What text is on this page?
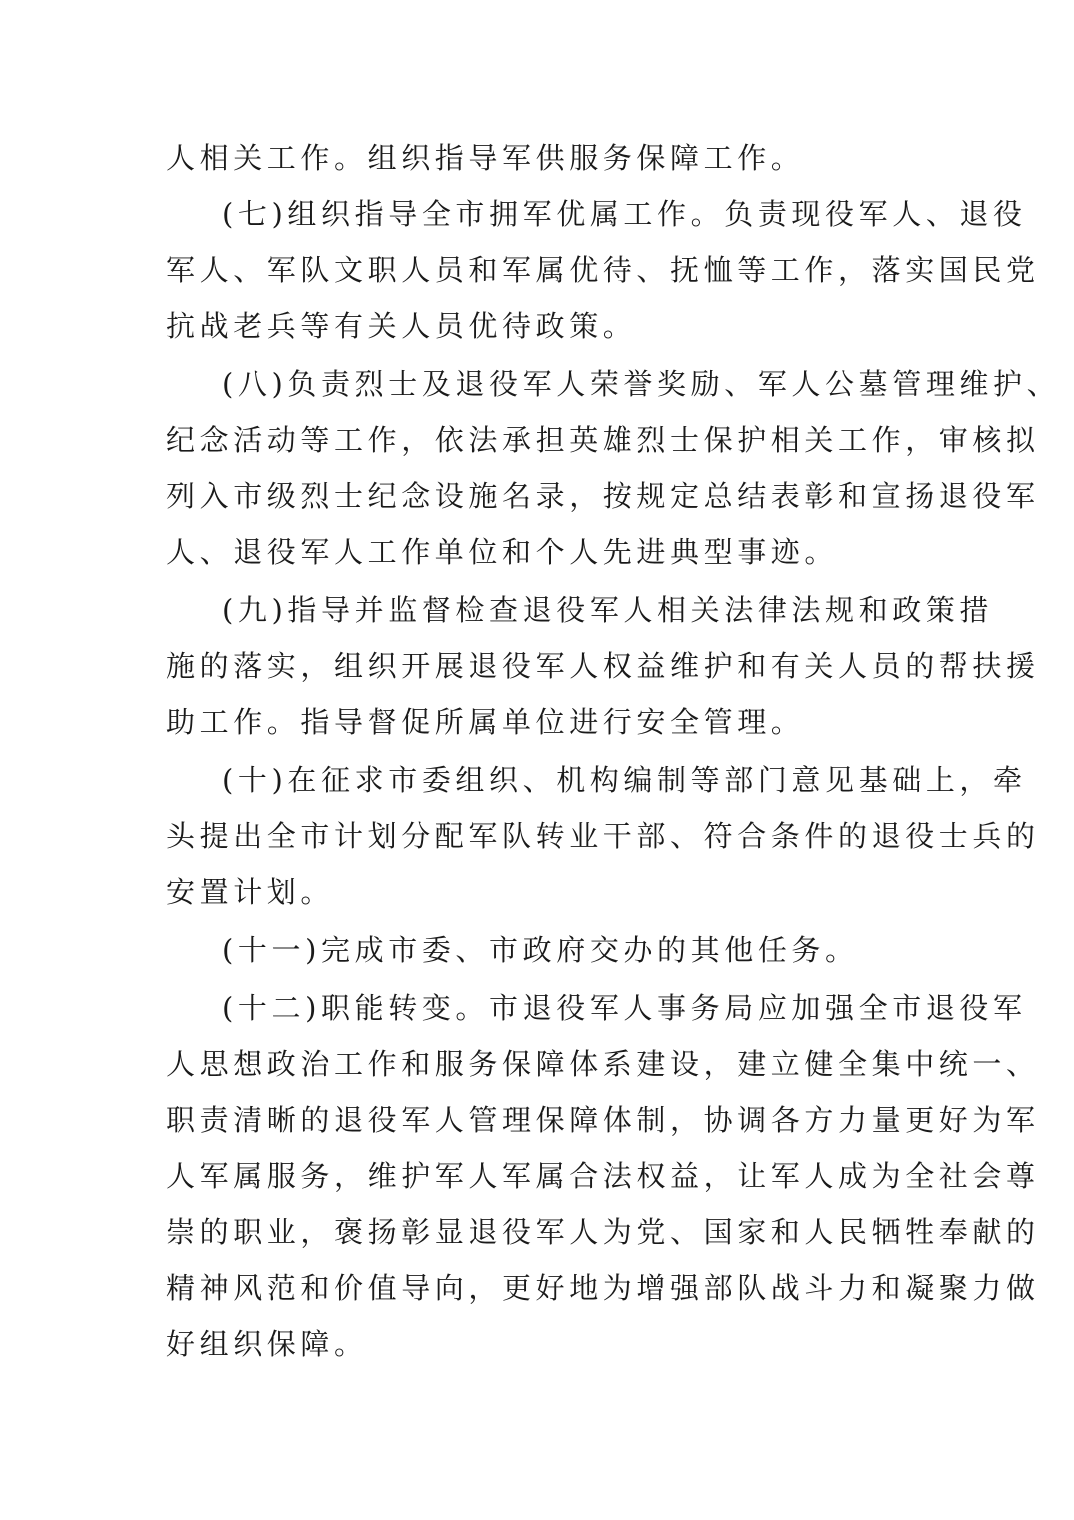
人相关工作。组织指导军供服务保障工作。
(七)组织指导全市拥军优属工作。负责现役军人、退役
军人、军队文职人员和军属优待、抚恤等工作，落实国民党
抗战老兵等有关人员优待政策。
(八)负责烈士及退役军人荣誉奖励、军人公墓管理维护、
纪念活动等工作，依法承担英雄烈士保护相关工作，审核拟
列入市级烈士纪念设施名录，按规定总结表彰和宣扬退役军
人、退役军人工作单位和个人先进典型事迹。
(九)指导并监督检查退役军人相关法律法规和政策措
施的落实，组织开展退役军人权益维护和有关人员的帮扶援
助工作。指导督促所属单位进行安全管理。
(十)在征求市委组织、机构编制等部门意见基础上，牵
头提出全市计划分配军队转业干部、符合条件的退役士兵的
安置计划。
(十一)完成市委、市政府交办的其他任务。
(十二)职能转变。市退役军人事务局应加强全市退役军
人思想政治工作和服务保障体系建设，建立健全集中统一、
职责清晰的退役军人管理保障体制，协调各方力量更好为军
人军属服务，维护军人军属合法权益，让军人成为全社会尊
崇的职业，褒扬彰显退役军人为党、国家和人民牺牲奉献的
精神风范和价值导向，更好地为增强部队战斗力和凝聚力做
好组织保障。
